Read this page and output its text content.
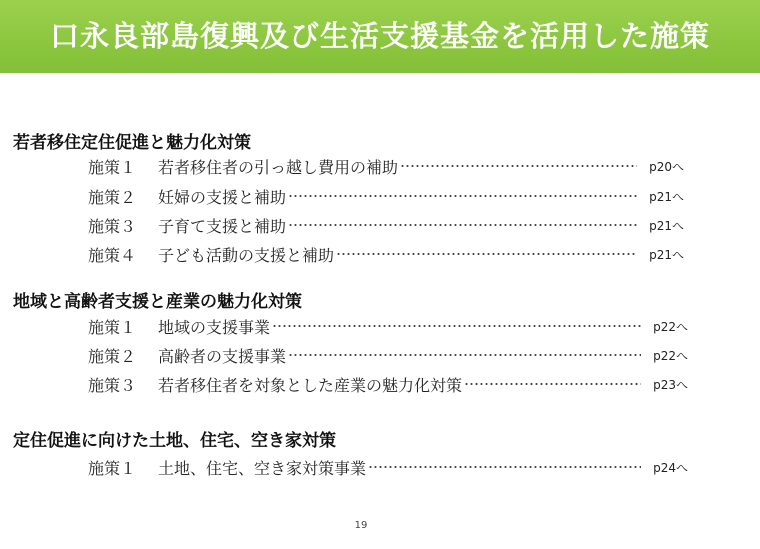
口永良部島復興及び生活支援基金を活用した施策
若者移住定住促進と魅力化対策
施策１	若者移住者の引っ越し費用の補助	p20へ
施策２	妊婦の支援と補助	p21へ
施策３	子育て支援と補助	p21へ
施策４	子ども活動の支援と補助	p21へ
地域と高齢者支援と産業の魅力化対策
施策１	地域の支援事業	p22へ
施策２	高齢者の支援事業	p22へ
施策３	若者移住者を対象とした産業の魅力化対策	p23へ
定住促進に向けた土地、住宅、空き家対策
施策１	土地、住宅、空き家対策事業	p24へ
19
